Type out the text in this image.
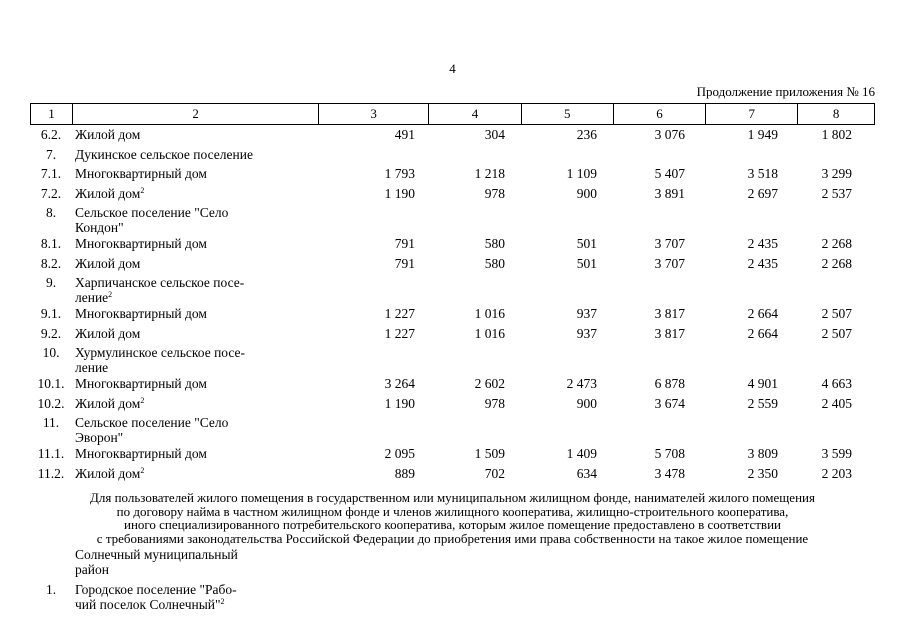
4
Продолжение приложения № 16
1	2	3	4	5	6	7	8
6.2.	Жилой дом	491	304	236	3 076	1 949	1 802
7.	Дукинское сельское поселение
7.1.	Многоквартирный дом	1 793	1 218	1 109	5 407	3 518	3 299
7.2.	Жилой дом$^2$	1 190	978	900	3 891	2 697	2 537
8.	Сельское поселение "Село
Кондон"
8.1.	Многоквартирный дом	791	580	501	3 707	2 435	2 268
8.2.	Жилой дом	791	580	501	3 707	2 435	2 268
9.	Харпичанское сельское посе-
ление$^2$
9.1.	Многоквартирный дом	1 227	1 016	937	3 817	2 664	2 507
9.2.	Жилой дом	1 227	1 016	937	3 817	2 664	2 507
10.	Хурмулинское сельское посе-
ление
10.1. Многоквартирный дом	3 264	2 602	2 473	6 878	4 901	4 663
10.2. Жилой дом$^2$	1 190	978	900	3 674	2 559	2 405
11.	Сельское поселение "Село
Эворон"
11.1. Многоквартирный дом	2 095	1 509	1 409	5 708	3 809	3 599
11.2. Жилой дом$^2$	889	702	634	3 478	2 350	2 203
Для пользователей жилого помещения в государственном или муниципальном жилищном фонде, нанимателей жилого помещения
по договору найма в частном жилищном фонде и членов жилищного кооператива, жилищно-строительного кооператива,
иного специализированного потребительского кооператива, которым жилое помещение предоставлено в соответствии
с требованиями законодательства Российской Федерации до приобретения ими права собственности на такое жилое помещение
Солнечный муниципальный
район
1.	Городское поселение "Рабо-
чий поселок Солнечный"$^2$
